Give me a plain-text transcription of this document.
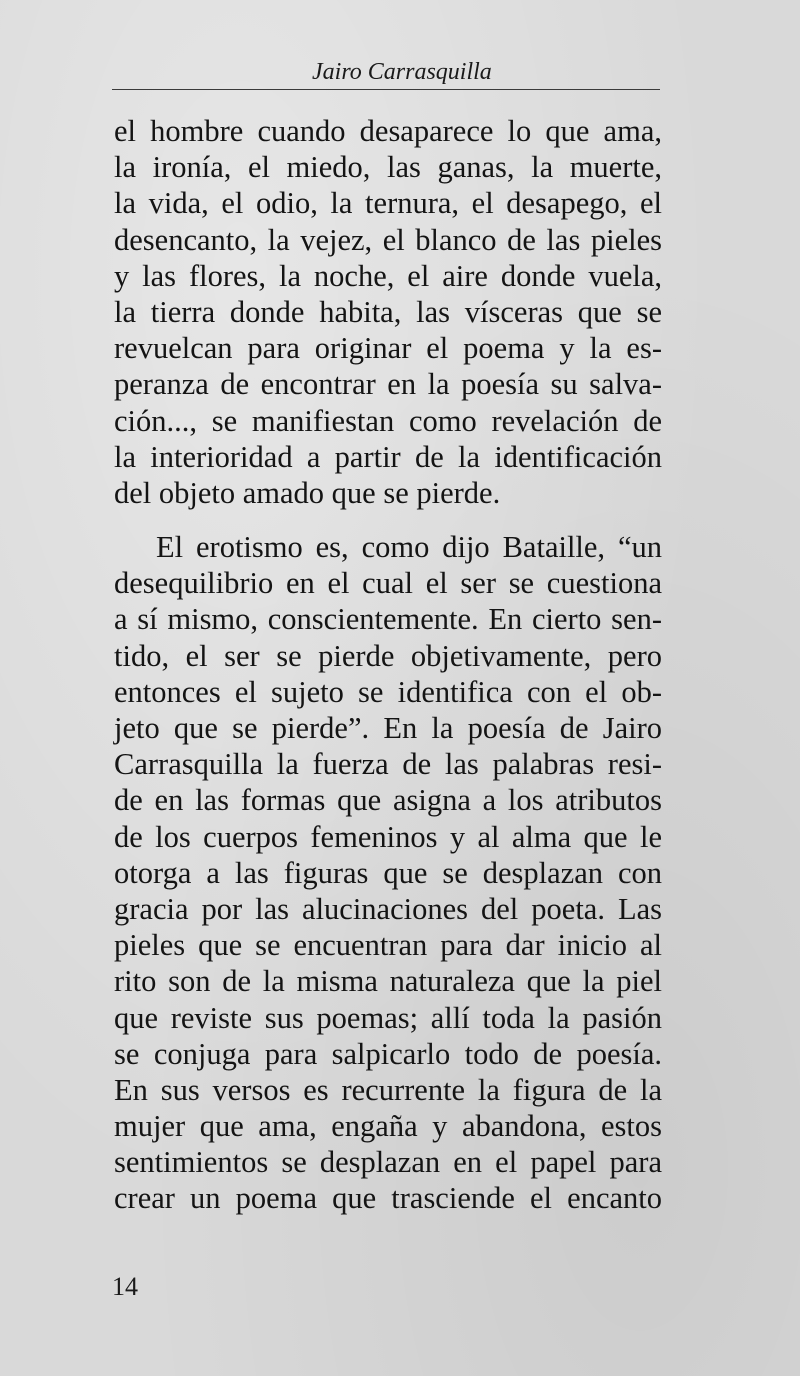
Jairo Carrasquilla
el hombre cuando desaparece lo que ama,
la ironía, el miedo, las ganas, la muerte,
la vida, el odio, la ternura, el desapego, el
desencanto, la vejez, el blanco de las pieles
y las flores, la noche, el aire donde vuela,
la tierra donde habita, las vísceras que se
revuelcan para originar el poema y la es-
peranza de encontrar en la poesía su salva-
ción..., se manifiestan como revelación de
la interioridad a partir de la identificación
del objeto amado que se pierde.
El erotismo es, como dijo Bataille, “un
desequilibrio en el cual el ser se cuestiona
a sí mismo, conscientemente. En cierto sen-
tido, el ser se pierde objetivamente, pero
entonces el sujeto se identifica con el ob-
jeto que se pierde”. En la poesía de Jairo
Carrasquilla la fuerza de las palabras resi-
de en las formas que asigna a los atributos
de los cuerpos femeninos y al alma que le
otorga a las figuras que se desplazan con
gracia por las alucinaciones del poeta. Las
pieles que se encuentran para dar inicio al
rito son de la misma naturaleza que la piel
que reviste sus poemas; allí toda la pasión
se conjuga para salpicarlo todo de poesía.
En sus versos es recurrente la figura de la
mujer que ama, engaña y abandona, estos
sentimientos se desplazan en el papel para
crear un poema que trasciende el encanto
14
